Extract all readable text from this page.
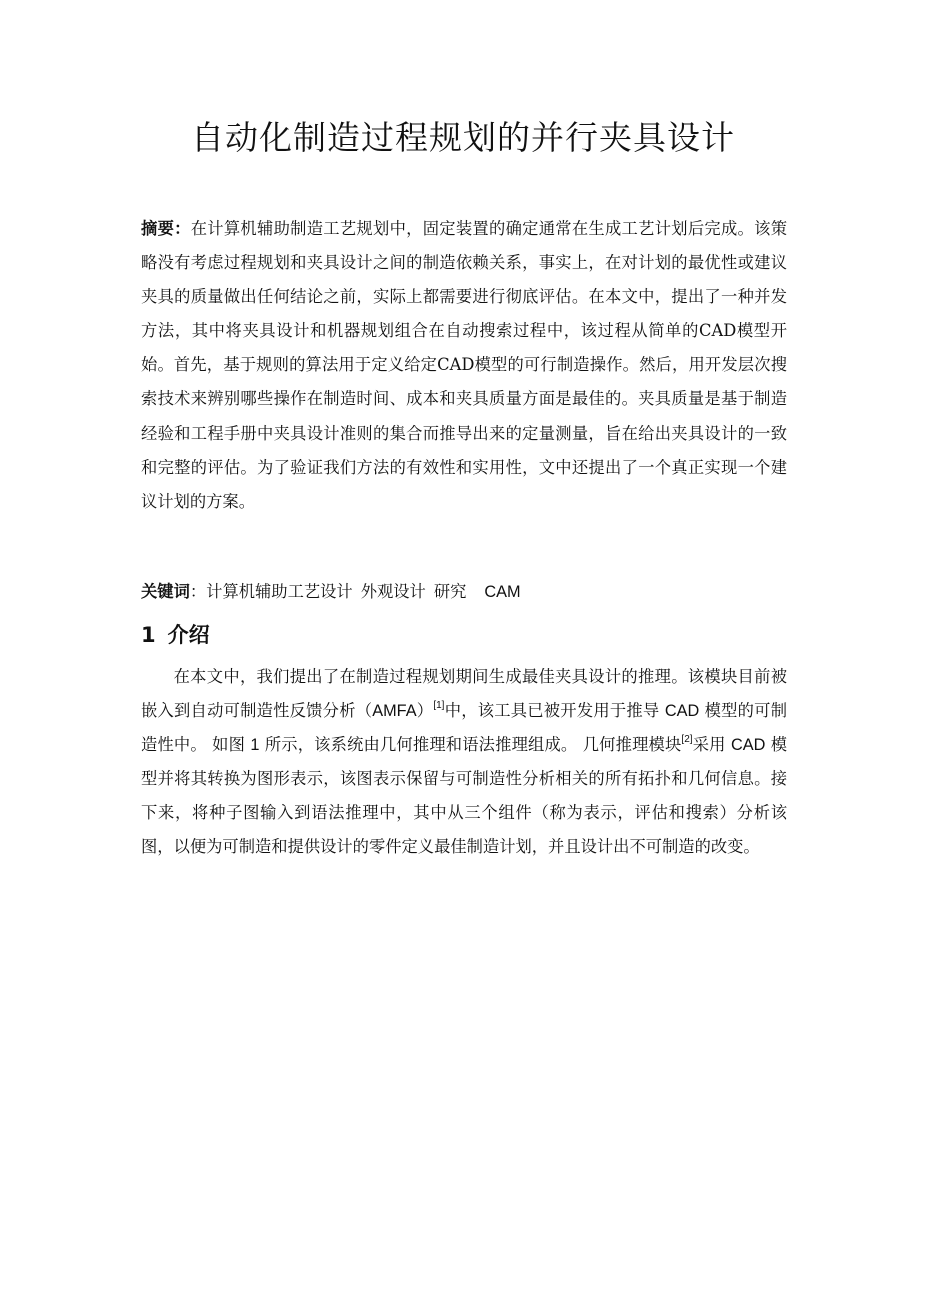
自动化制造过程规划的并行夹具设计

摘要：在计算机辅助制造工艺规划中，固定装置的确定通常在生成工艺计划后完成。该策略没有考虑过程规划和夹具设计之间的制造依赖关系，事实上，在对计划的最优性或建议夹具的质量做出任何结论之前，实际上都需要进行彻底评估。在本文中，提出了一种并发方法，其中将夹具设计和机器规划组合在自动搜索过程中，该过程从简单的CAD模型开始。首先，基于规则的算法用于定义给定CAD模型的可行制造操作。然后，用开发层次搜索技术来辨别哪些操作在制造时间、成本和夹具质量方面是最佳的。夹具质量是基于制造经验和工程手册中夹具设计准则的集合而推导出来的定量测量，旨在给出夹具设计的一致和完整的评估。为了验证我们方法的有效性和实用性，文中还提出了一个真正实现一个建议计划的方案。

关键词：计算机辅助工艺设计 外观设计 研究 CAM

1 介绍

在本文中，我们提出了在制造过程规划期间生成最佳夹具设计的推理。该模块目前被嵌入到自动可制造性反馈分析（AMFA）[1]中，该工具已被开发用于推导 CAD 模型的可制造性中。 如图 1 所示，该系统由几何推理和语法推理组成。 几何推理模块[2]采用 CAD 模型并将其转换为图形表示，该图表示保留与可制造性分析相关的所有拓扑和几何信息。接下来，将种子图输入到语法推理中，其中从三个组件（称为表示，评估和搜索）分析该图，以便为可制造和提供设计的零件定义最佳制造计划，并且设计出不可制造的改变。
